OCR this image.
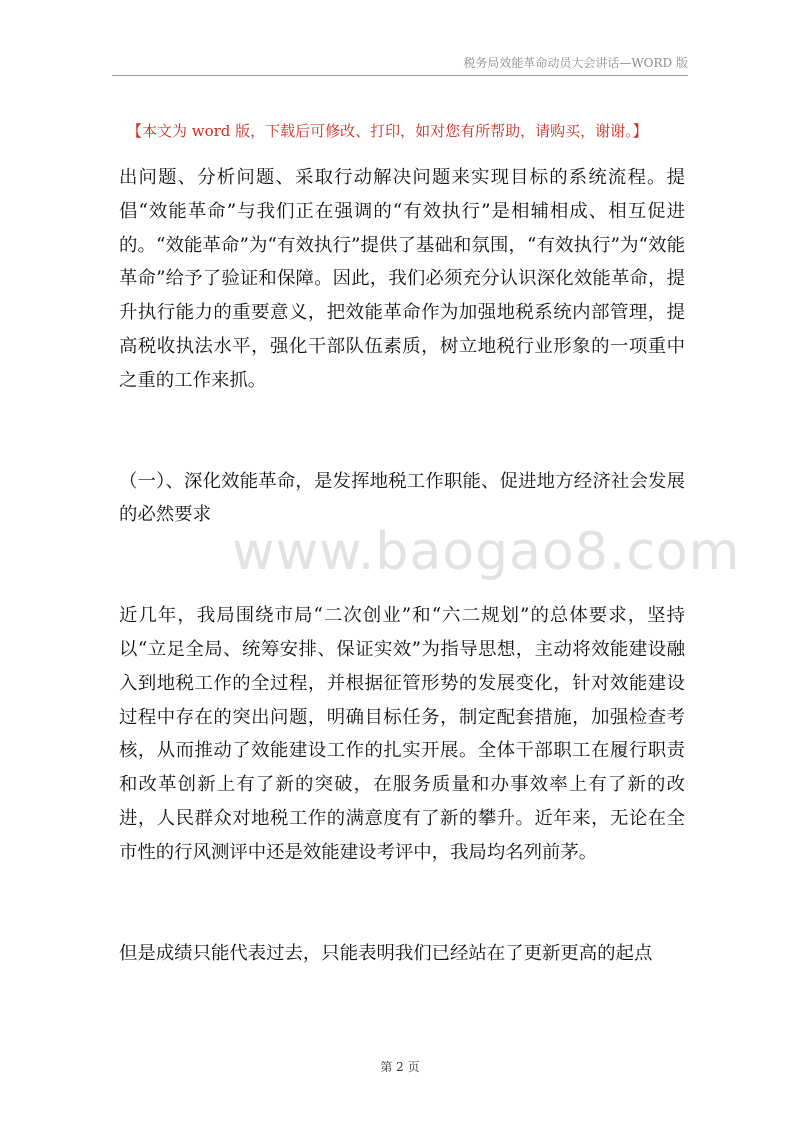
税务局效能革命动员大会讲话—WORD 版
【本文为 word 版，下载后可修改、打印，如对您有所帮助，请购买，谢谢。】

出问题、分析问题、采取行动解决问题来实现目标的系统流程。提倡“效能革命”与我们正在强调的“有效执行”是相辅相成、相互促进的。“效能革命”为“有效执行”提供了基础和氛围，“有效执行”为“效能革命”给予了验证和保障。因此，我们必须充分认识深化效能革命，提升执行能力的重要意义，把效能革命作为加强地税系统内部管理，提高税收执法水平，强化干部队伍素质，树立地税行业形象的一项重中之重的工作来抓。

（一）、深化效能革命，是发挥地税工作职能、促进地方经济社会发展的必然要求

近几年，我局围绕市局“二次创业”和“六二规划”的总体要求，坚持以“立足全局、统筹安排、保证实效”为指导思想，主动将效能建设融入到地税工作的全过程，并根据征管形势的发展变化，针对效能建设过程中存在的突出问题，明确目标任务，制定配套措施，加强检查考核，从而推动了效能建设工作的扎实开展。全体干部职工在履行职责和改革创新上有了新的突破，在服务质量和办事效率上有了新的改进，人民群众对地税工作的满意度有了新的攀升。近年来，无论在全市性的行风测评中还是效能建设考评中，我局均名列前茅。

但是成绩只能代表过去，只能表明我们已经站在了更新更高的起点

www.baogao8.com
第 2 页
